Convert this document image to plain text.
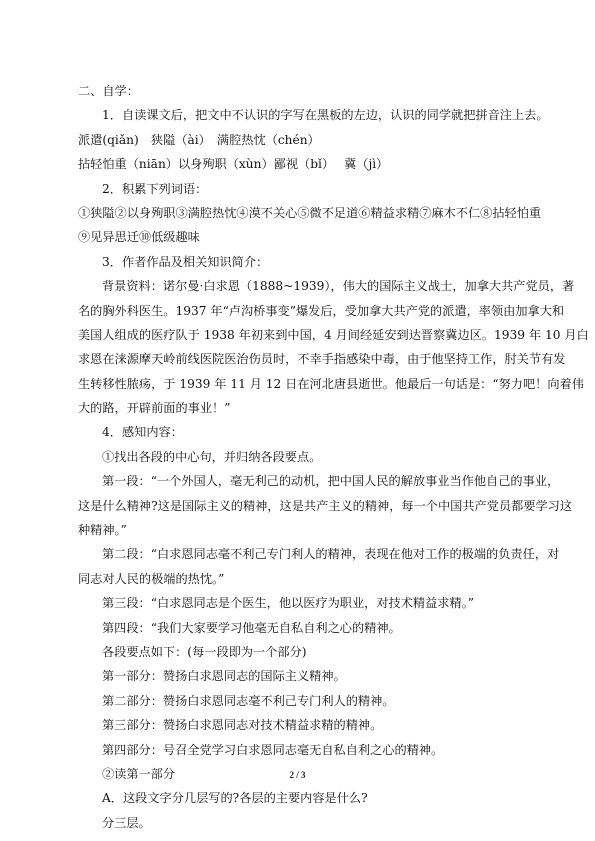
二、自学：
1．自读课文后，把文中不认识的字写在黑板的左边，认识的同学就把拼音注上去。
派遣(qiǎn)　狭隘（ài）　满腔热忱（chén）
拈轻怕重（niān）以身殉职（xùn）鄙视（bǐ）　 冀（jì）
2．积累下列词语：
①狭隘②以身殉职③满腔热忱④漠不关心⑤微不足道⑥精益求精⑦麻木不仁⑧拈轻怕重
⑨见异思迁⑩低级趣味
3．作者作品及相关知识简介：
背景资料：诺尔曼·白求恩（1888~1939），伟大的国际主义战士，加拿大共产党员，著
名的胸外科医生。1937 年“卢沟桥事变”爆发后，受加拿大共产党的派遣，率领由加拿大和
美国人组成的医疗队于 1938 年初来到中国，4 月间经延安到达晋察冀边区。1939 年 10 月白
求恩在涞源摩天岭前线医院医治伤员时，不幸手指感染中毒，由于他坚持工作，肘关节有发
生转移性脓疡，于 1939 年 11 月 12 日在河北唐县逝世。他最后一句话是：“努力吧！向着伟
大的路，开辟前面的事业！”
4．感知内容：
①找出各段的中心句，并归纳各段要点。
第一段：“一个外国人，毫无利己的动机，把中国人民的解放事业当作他自己的事业，
这是什么精神?这是国际主义的精神，这是共产主义的精神，每一个中国共产党员都要学习这
种精神。”
第二段：“白求恩同志毫不利己专门利人的精神，表现在他对工作的极端的负责任，对
同志对人民的极端的热忱。”
第三段：“白求恩同志是个医生，他以医疗为职业，对技术精益求精。”
第四段：“我们大家要学习他毫无自私自利之心的精神。
各段要点如下：(每一段即为一个部分)
第一部分：赞扬白求恩同志的国际主义精神。
第二部分：赞扬白求恩同志毫不利己专门利人的精神。
第三部分：赞扬白求恩同志对技术精益求精的精神。
第四部分：号召全党学习白求恩同志毫无自私自利之心的精神。
②读第一部分
A．这段文字分几层写的?各层的主要内容是什么?
分三层。
2 / 3
